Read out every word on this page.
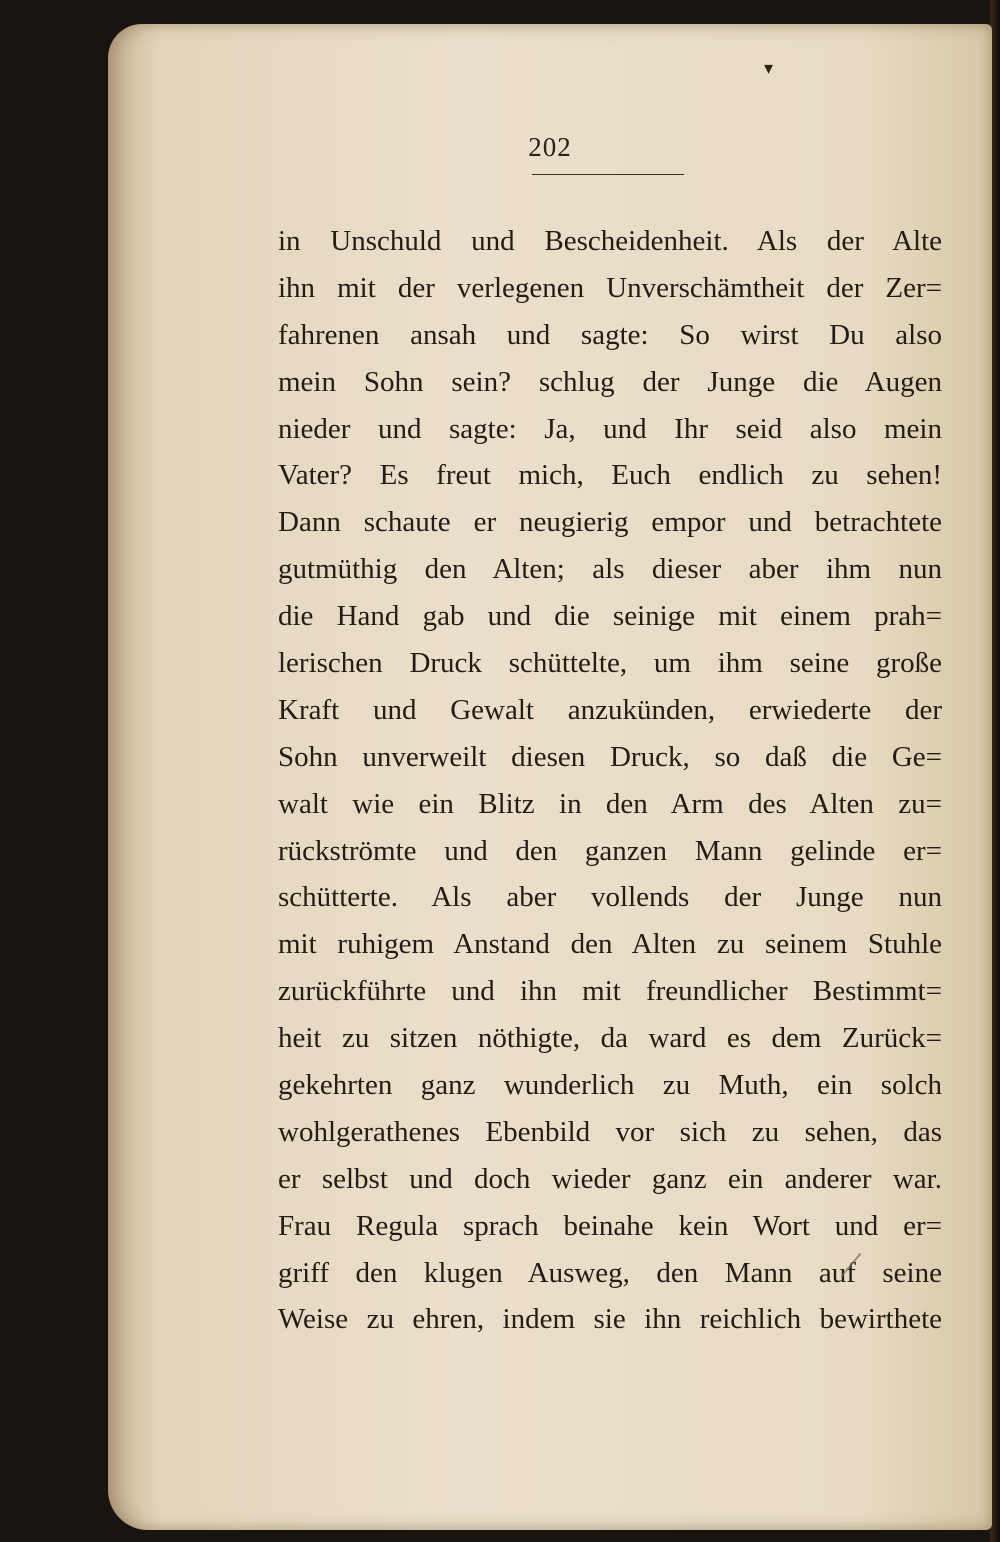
▾
202
in Unschuld und Bescheidenheit. Als der Alte
ihn mit der verlegenen Unverschämtheit der Zer=
fahrenen ansah und sagte: So wirst Du also
mein Sohn sein? schlug der Junge die Augen
nieder und sagte: Ja, und Ihr seid also mein
Vater? Es freut mich, Euch endlich zu sehen!
Dann schaute er neugierig empor und betrachtete
gutmüthig den Alten; als dieser aber ihm nun
die Hand gab und die seinige mit einem prah=
lerischen Druck schüttelte, um ihm seine große
Kraft und Gewalt anzukünden, erwiederte der
Sohn unverweilt diesen Druck, so daß die Ge=
walt wie ein Blitz in den Arm des Alten zu=
rückströmte und den ganzen Mann gelinde er=
schütterte. Als aber vollends der Junge nun
mit ruhigem Anstand den Alten zu seinem Stuhle
zurückführte und ihn mit freundlicher Bestimmt=
heit zu sitzen nöthigte, da ward es dem Zurück=
gekehrten ganz wunderlich zu Muth, ein solch
wohlgerathenes Ebenbild vor sich zu sehen, das
er selbst und doch wieder ganz ein anderer war.
Frau Regula sprach beinahe kein Wort und er=
griff den klugen Ausweg, den Mann auf seine
Weise zu ehren, indem sie ihn reichlich bewirthete
